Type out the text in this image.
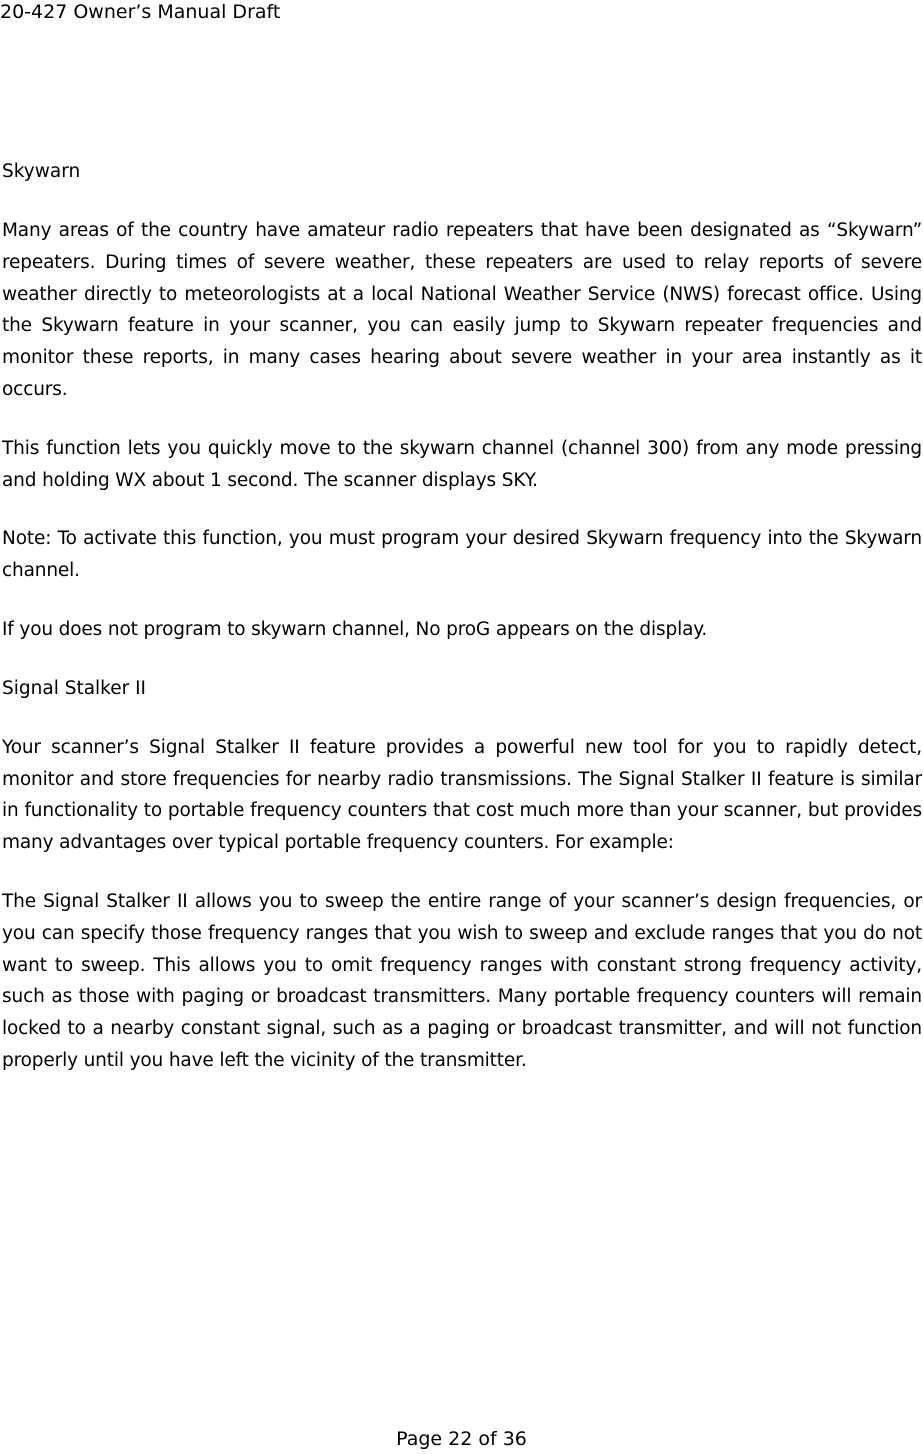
20-427 Owner’s Manual Draft
Skywarn
Many areas of the country have amateur radio repeaters that have been designated as “Skywarn” repeaters. During times of severe weather, these repeaters are used to relay reports of severe weather directly to meteorologists at a local National Weather Service (NWS) forecast office. Using the Skywarn feature in your scanner, you can easily jump to Skywarn repeater frequencies and monitor these reports, in many cases hearing about severe weather in your area instantly as it occurs.
This function lets you quickly move to the skywarn channel (channel 300) from any mode pressing and holding WX about 1 second. The scanner displays SKY.
Note: To activate this function, you must program your desired Skywarn frequency into the Skywarn channel.
If you does not program to skywarn channel, No proG appears on the display.
Signal Stalker II
Your scanner’s Signal Stalker II feature provides a powerful new tool for you to rapidly detect, monitor and store frequencies for nearby radio transmissions. The Signal Stalker II feature is similar in functionality to portable frequency counters that cost much more than your scanner, but provides many advantages over typical portable frequency counters. For example:
The Signal Stalker II allows you to sweep the entire range of your scanner’s design frequencies, or you can specify those frequency ranges that you wish to sweep and exclude ranges that you do not want to sweep. This allows you to omit frequency ranges with constant strong frequency activity, such as those with paging or broadcast transmitters. Many portable frequency counters will remain locked to a nearby constant signal, such as a paging or broadcast transmitter, and will not function properly until you have left the vicinity of the transmitter.
Page 22 of 36
